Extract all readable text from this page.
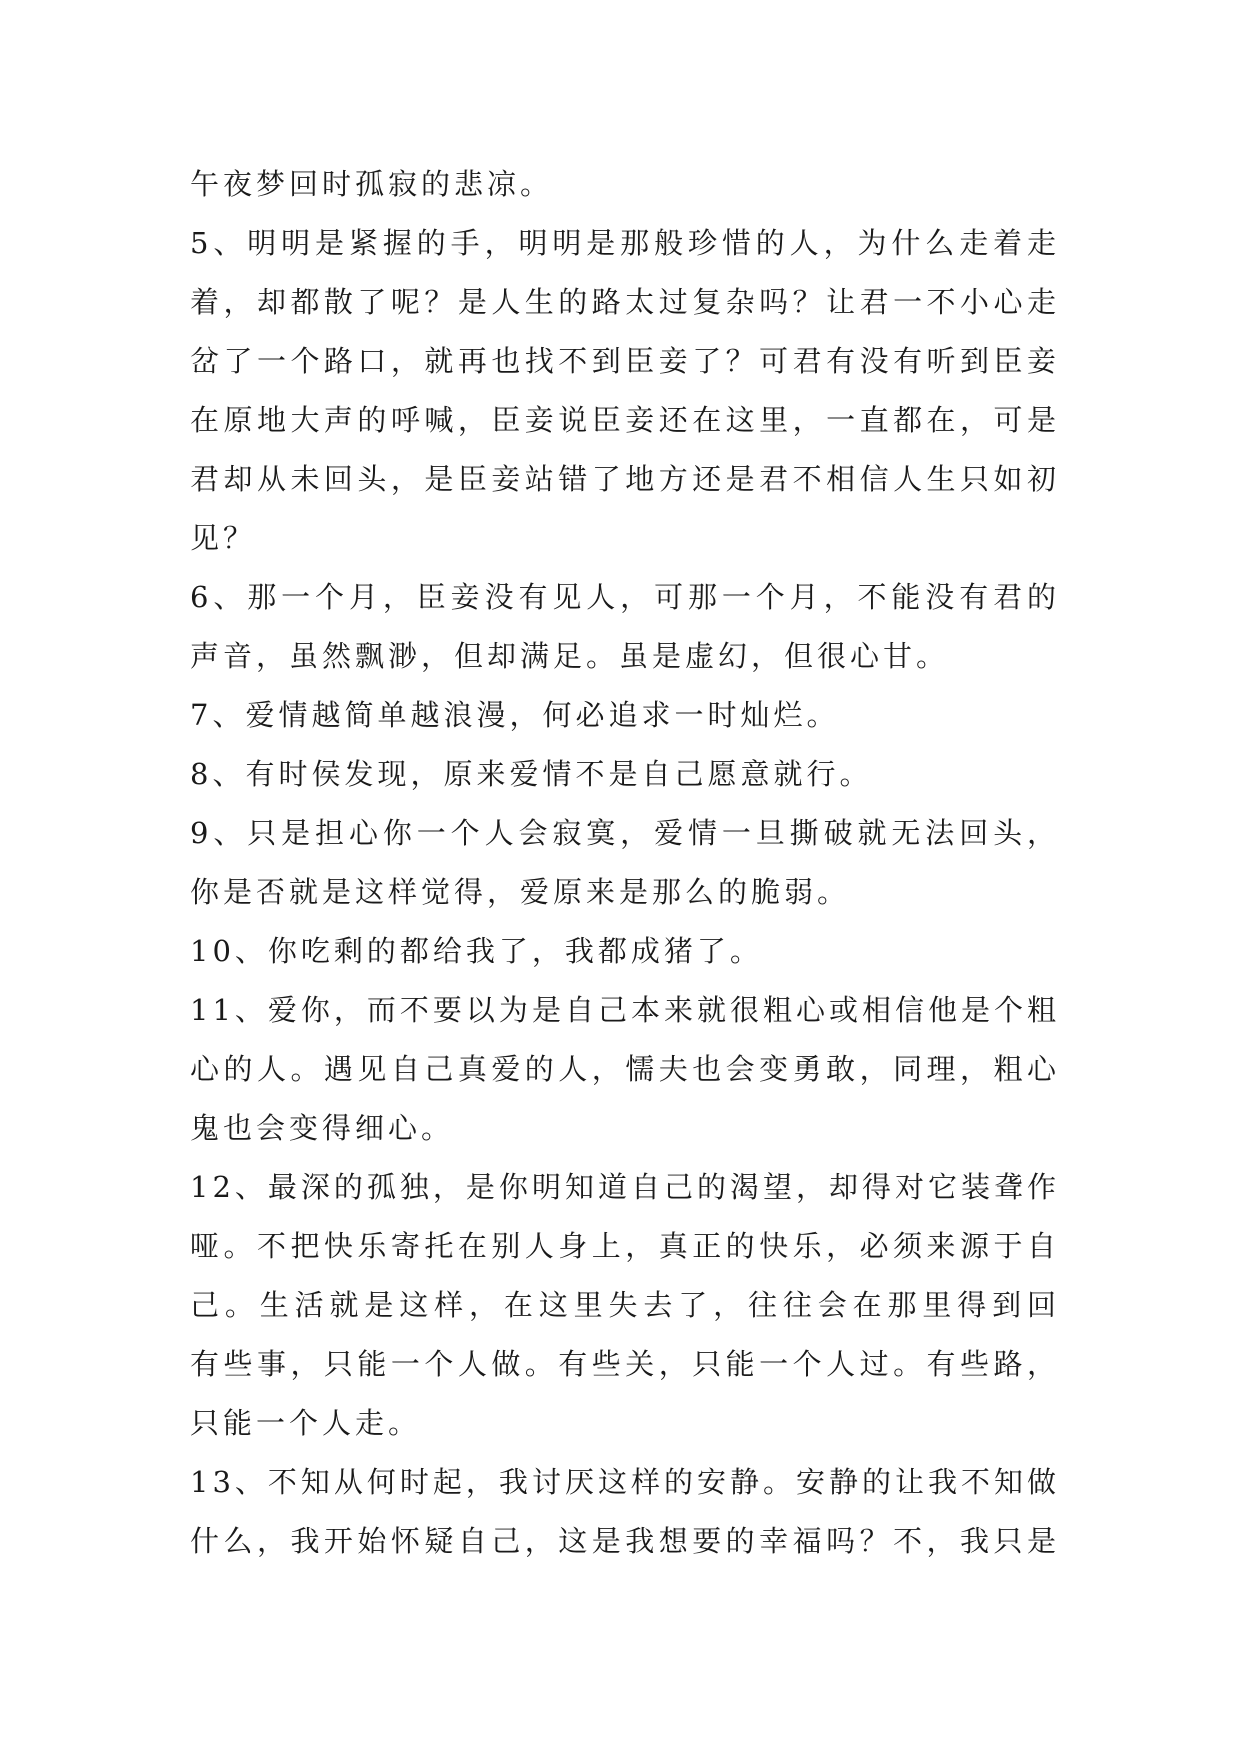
午夜梦回时孤寂的悲凉。
5、明明是紧握的手，明明是那般珍惜的人，为什么走着走
着，却都散了呢？是人生的路太过复杂吗？让君一不小心走
岔了一个路口，就再也找不到臣妾了？可君有没有听到臣妾
在原地大声的呼喊，臣妾说臣妾还在这里，一直都在，可是
君却从未回头，是臣妾站错了地方还是君不相信人生只如初
见？
6、那一个月，臣妾没有见人，可那一个月，不能没有君的
声音，虽然飘渺，但却满足。虽是虚幻，但很心甘。
7、爱情越简单越浪漫，何必追求一时灿烂。
8、有时侯发现，原来爱情不是自己愿意就行。
9、只是担心你一个人会寂寞，爱情一旦撕破就无法回头，
你是否就是这样觉得，爱原来是那么的脆弱。
10、你吃剩的都给我了，我都成猪了。
11、爱你，而不要以为是自己本来就很粗心或相信他是个粗
心的人。遇见自己真爱的人，懦夫也会变勇敢，同理，粗心
鬼也会变得细心。
12、最深的孤独，是你明知道自己的渴望，却得对它装聋作
哑。不把快乐寄托在别人身上，真正的快乐，必须来源于自
己。生活就是这样，在这里失去了，往往会在那里得到回
有些事，只能一个人做。有些关，只能一个人过。有些路，
只能一个人走。
13、不知从何时起，我讨厌这样的安静。安静的让我不知做
什么，我开始怀疑自己，这是我想要的幸福吗？不，我只是
